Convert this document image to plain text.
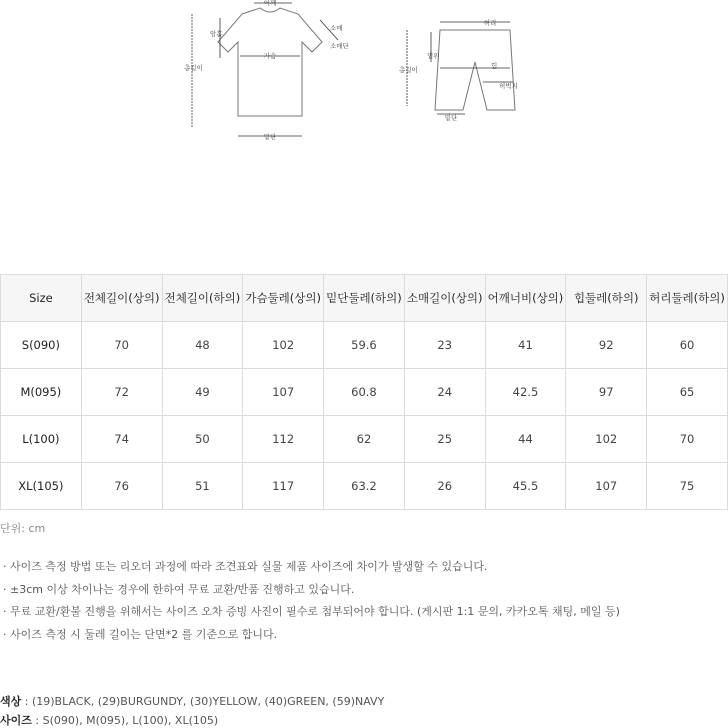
어깨
총길이
암홀
가슴
소매
소매단
밑단
허리
밑위
총길이	힙
허벅지
밑단
Size	전체길이(상의)	전체길이(하의)	가슴둘레(상의)	밑단둘레(하의)	소매길이(상의)	어깨너비(상의)	힙둘레(하의)	허리둘레(하의)
S(090)	70	48	102	59.6	23	41	92	60
M(095)	72	49	107	60.8	24	42.5	97	65
L(100)	74	50	112	62	25	44	102	70
XL(105)	76	51	117	63.2	26	45.5	107	75
단위: cm
· 사이즈 측정 방법 또는 리오더 과정에 따라 조견표와 실물 제품 사이즈에 차이가 발생할 수 있습니다.
· ±3cm 이상 차이나는 경우에 한하여 무료 교환/반품 진행하고 있습니다.
· 무료 교환/환불 진행을 위해서는 사이즈 오차 증빙 사진이 필수로 첨부되어야 합니다. (게시판 1:1 문의, 카카오톡 채팅, 메일 등)
· 사이즈 측정 시 둘레 길이는 단면*2 를 기준으로 합니다.
색상 : (19)BLACK, (29)BURGUNDY, (30)YELLOW, (40)GREEN, (59)NAVY
사이즈 : S(090), M(095), L(100), XL(105)
